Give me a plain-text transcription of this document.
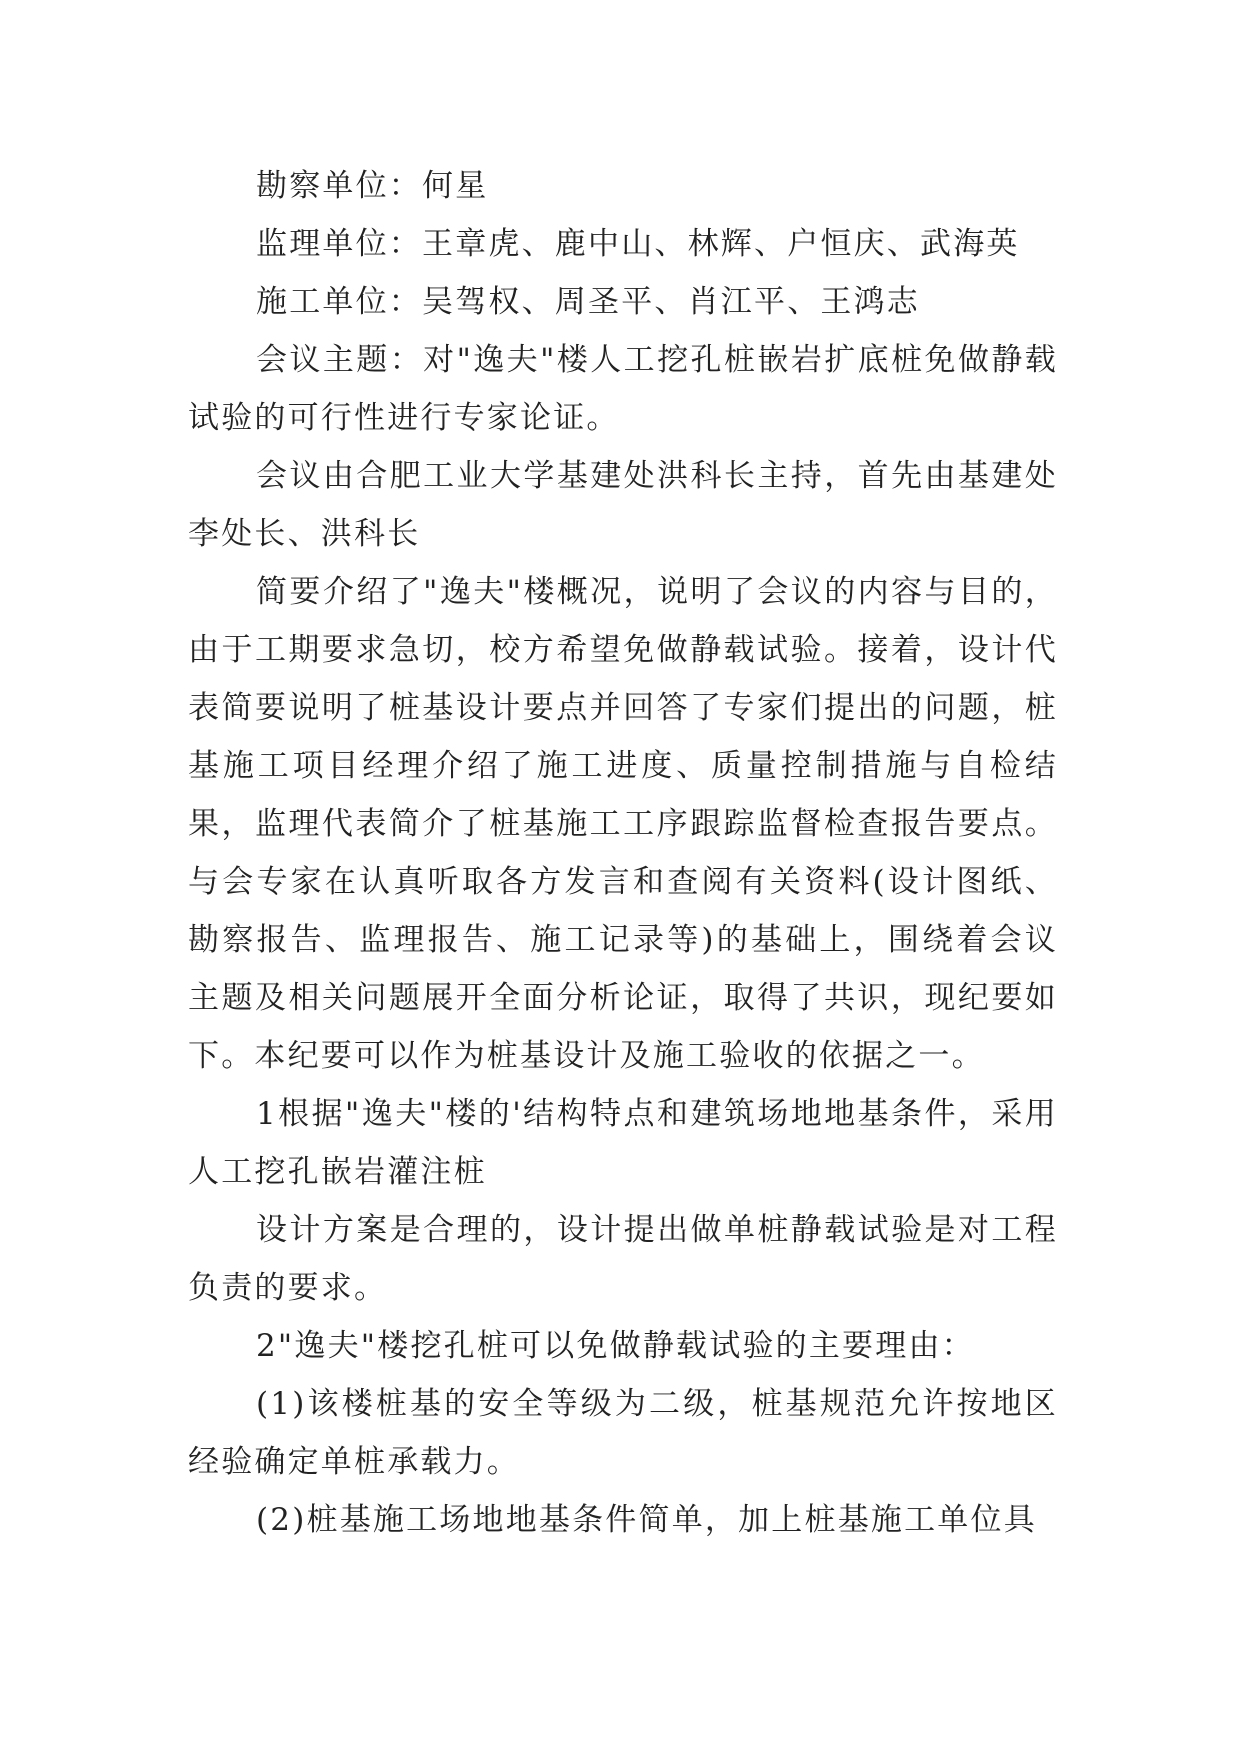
勘察单位：何星

监理单位：王章虎、鹿中山、林辉、户恒庆、武海英

施工单位：吴驾权、周圣平、肖江平、王鸿志

会议主题：对"逸夫"楼人工挖孔桩嵌岩扩底桩免做静载试验的可行性进行专家论证。

会议由合肥工业大学基建处洪科长主持，首先由基建处李处长、洪科长

简要介绍了"逸夫"楼概况，说明了会议的内容与目的，由于工期要求急切，校方希望免做静载试验。接着，设计代表简要说明了桩基设计要点并回答了专家们提出的问题，桩基施工项目经理介绍了施工进度、质量控制措施与自检结果，监理代表简介了桩基施工工序跟踪监督检查报告要点。与会专家在认真听取各方发言和查阅有关资料(设计图纸、勘察报告、监理报告、施工记录等)的基础上，围绕着会议主题及相关问题展开全面分析论证，取得了共识，现纪要如下。本纪要可以作为桩基设计及施工验收的依据之一。

1根据"逸夫"楼的'结构特点和建筑场地地基条件，采用人工挖孔嵌岩灌注桩

设计方案是合理的，设计提出做单桩静载试验是对工程负责的要求。

2"逸夫"楼挖孔桩可以免做静载试验的主要理由：

(1)该楼桩基的安全等级为二级，桩基规范允许按地区经验确定单桩承载力。

(2)桩基施工场地地基条件简单，加上桩基施工单位具
